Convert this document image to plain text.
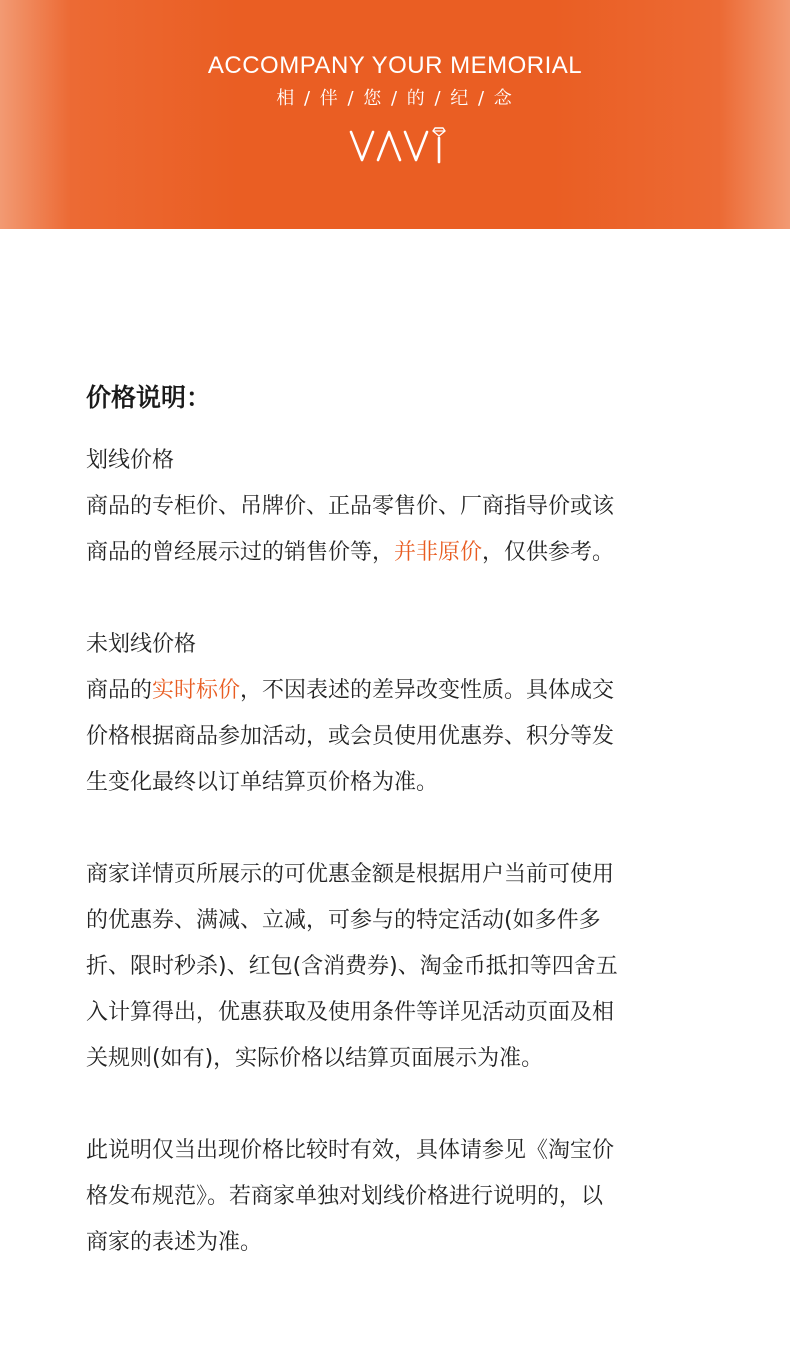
ACCOMPANY YOUR MEMORIAL
相 / 伴 / 您 / 的 / 纪 / 念
价格说明：

划线价格

商品的专柜价、吊牌价、正品零售价、厂商指导价或该

商品的曾经展示过的销售价等，并非原价，仅供参考。

未划线价格

商品的实时标价，不因表述的差异改变性质。具体成交

价格根据商品参加活动，或会员使用优惠券、积分等发

生变化最终以订单结算页价格为准。

商家详情页所展示的可优惠金额是根据用户当前可使用

的优惠券、满减、立减，可参与的特定活动(如多件多

折、限时秒杀)、红包(含消费券)、淘金币抵扣等四舍五

入计算得出，优惠获取及使用条件等详见活动页面及相

关规则(如有)，实际价格以结算页面展示为准。

此说明仅当出现价格比较时有效，具体请参见《淘宝价

格发布规范》。若商家单独对划线价格进行说明的，以

商家的表述为准。
